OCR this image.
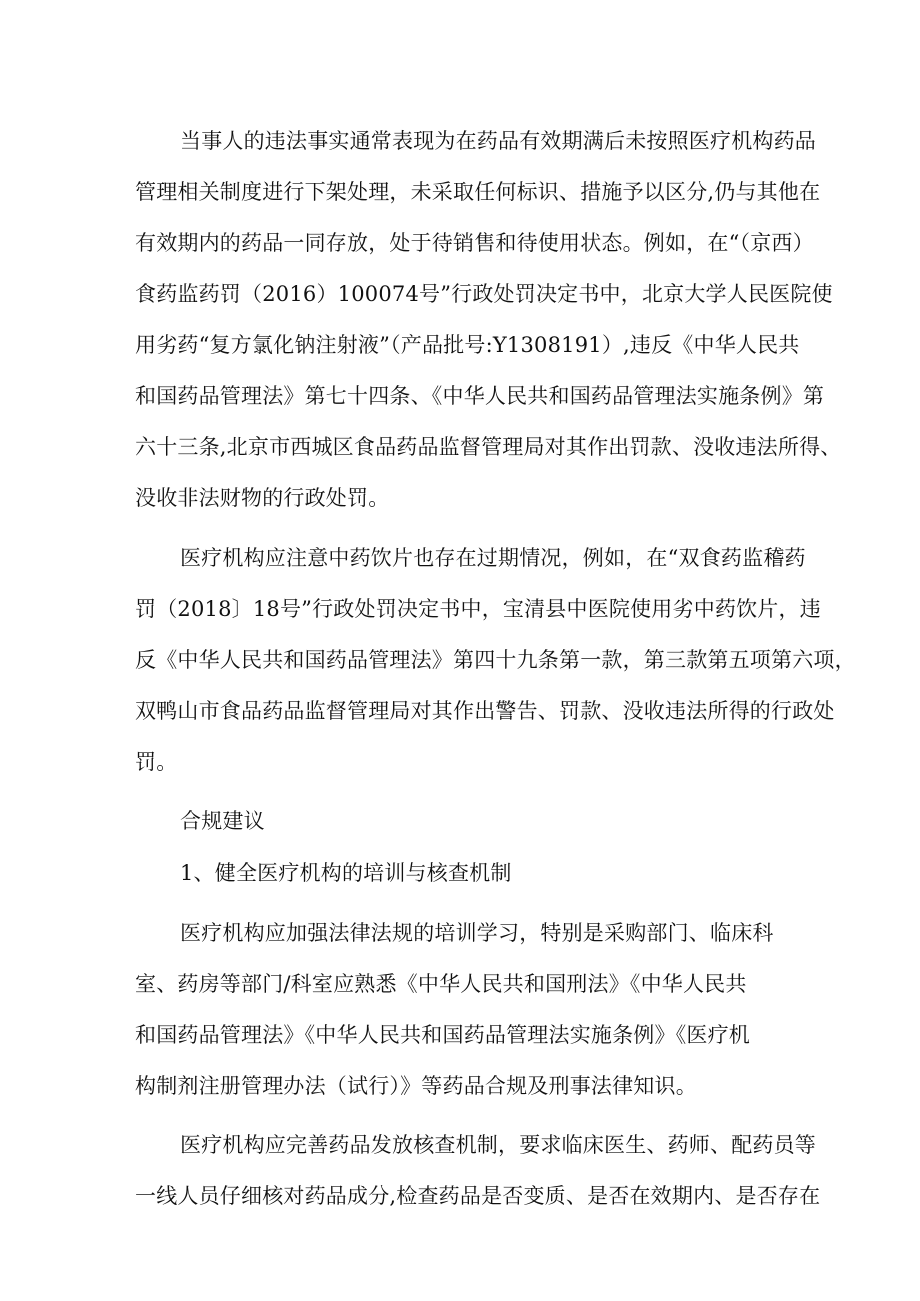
当事人的违法事实通常表现为在药品有效期满后未按照医疗机构药品

管理相关制度进行下架处理，未采取任何标识、措施予以区分,仍与其他在

有效期内的药品一同存放，处于待销售和待使用状态。例如，在“（京西）

食药监药罚（2016）100074号”行政处罚决定书中，北京大学人民医院使

用劣药“复方氯化钠注射液”（产品批号:Y1308191）,违反《中华人民共

和国药品管理法》第七十四条、《中华人民共和国药品管理法实施条例》第

六十三条,北京市西城区食品药品监督管理局对其作出罚款、没收违法所得、

没收非法财物的行政处罚。

医疗机构应注意中药饮片也存在过期情况，例如，在“双食药监稽药

罚（2018〕18号”行政处罚决定书中，宝清县中医院使用劣中药饮片，违

反《中华人民共和国药品管理法》第四十九条第一款，第三款第五项第六项，

双鸭山市食品药品监督管理局对其作出警告、罚款、没收违法所得的行政处

罚。

合规建议
1、健全医疗机构的培训与核查机制

医疗机构应加强法律法规的培训学习，特别是采购部门、临床科

室、药房等部门/科室应熟悉《中华人民共和国刑法》《中华人民共

和国药品管理法》《中华人民共和国药品管理法实施条例》《医疗机

构制剂注册管理办法（试行）》等药品合规及刑事法律知识。

医疗机构应完善药品发放核查机制，要求临床医生、药师、配药员等

一线人员仔细核对药品成分,检查药品是否变质、是否在效期内、是否存在
